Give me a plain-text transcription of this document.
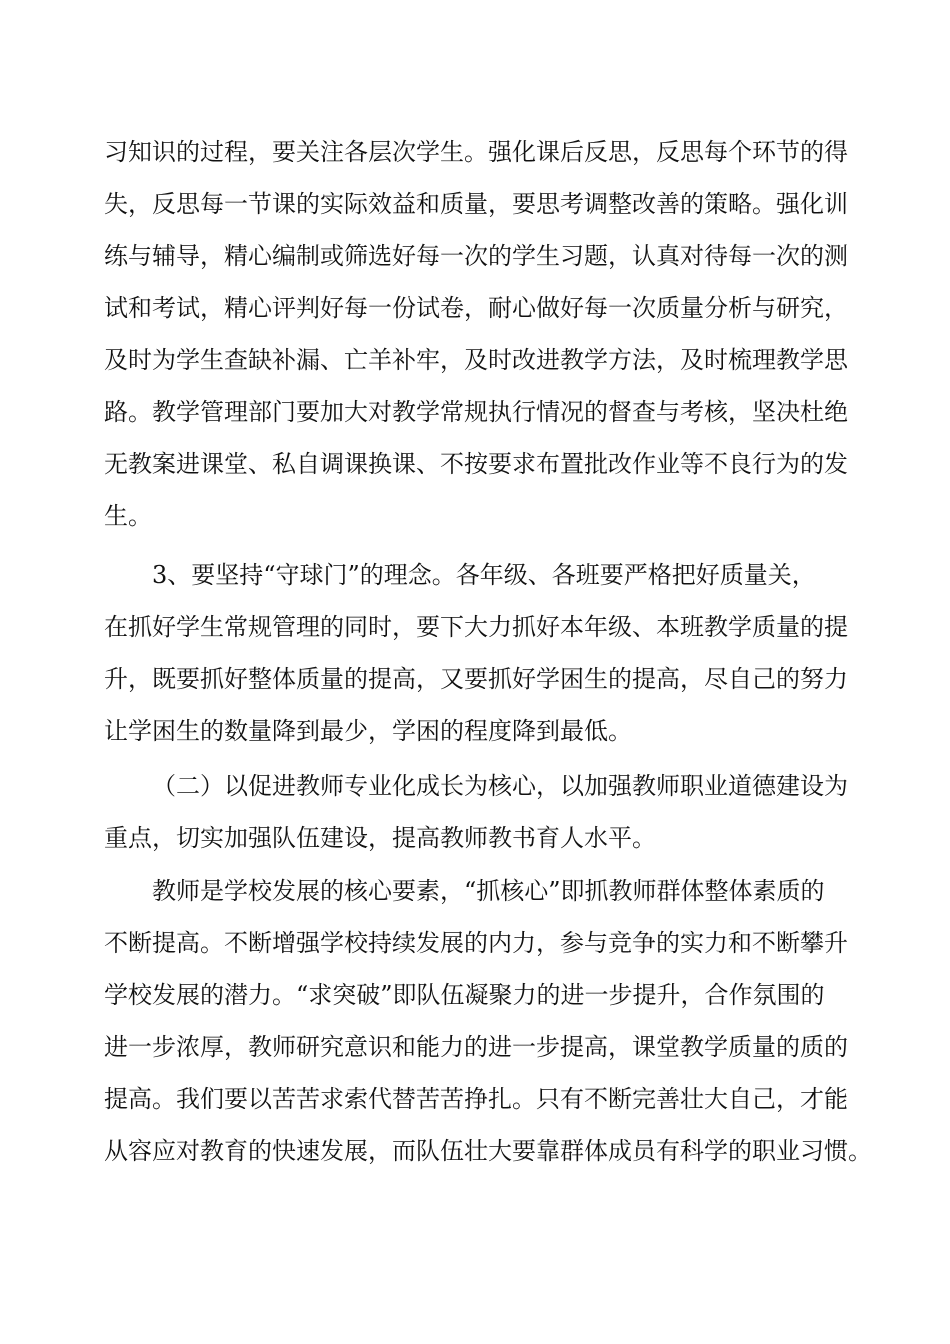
习知识的过程，要关注各层次学生。强化课后反思，反思每个环节的得
失，反思每一节课的实际效益和质量，要思考调整改善的策略。强化训
练与辅导，精心编制或筛选好每一次的学生习题，认真对待每一次的测
试和考试，精心评判好每一份试卷，耐心做好每一次质量分析与研究，
及时为学生查缺补漏、亡羊补牢，及时改进教学方法，及时梳理教学思
路。教学管理部门要加大对教学常规执行情况的督查与考核，坚决杜绝
无教案进课堂、私自调课换课、不按要求布置批改作业等不良行为的发
生。
3、要坚持“守球门”的理念。各年级、各班要严格把好质量关，
在抓好学生常规管理的同时，要下大力抓好本年级、本班教学质量的提
升，既要抓好整体质量的提高，又要抓好学困生的提高，尽自己的努力
让学困生的数量降到最少，学困的程度降到最低。
（二）以促进教师专业化成长为核心，以加强教师职业道德建设为
重点，切实加强队伍建设，提高教师教书育人水平。
教师是学校发展的核心要素，“抓核心”即抓教师群体整体素质的
不断提高。不断增强学校持续发展的内力，参与竞争的实力和不断攀升
学校发展的潜力。“求突破”即队伍凝聚力的进一步提升，合作氛围的
进一步浓厚，教师研究意识和能力的进一步提高，课堂教学质量的质的
提高。我们要以苦苦求索代替苦苦挣扎。只有不断完善壮大自己，才能
从容应对教育的快速发展，而队伍壮大要靠群体成员有科学的职业习惯。
